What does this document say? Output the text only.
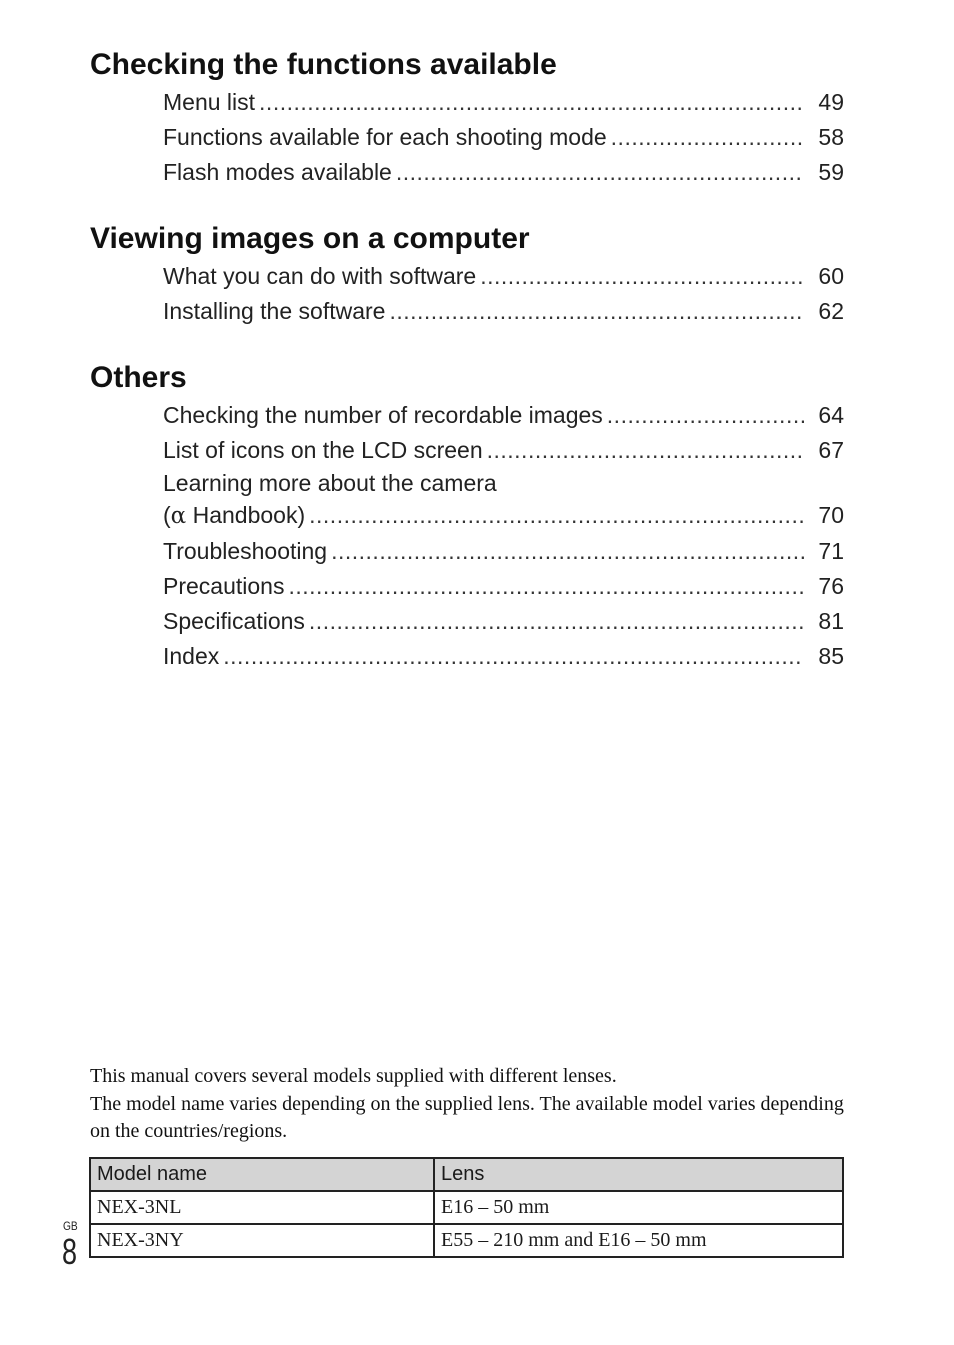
Checking the functions available
Menu list .....	49
Functions available for each shooting mode .....	58
Flash modes available .....	59
Viewing images on a computer
What you can do with software .....	60
Installing the software .....	62
Others
Checking the number of recordable images .....	64
List of icons on the LCD screen .....	67
Learning more about the camera
(α Handbook) .....	70
Troubleshooting .....	71
Precautions .....	76
Specifications .....	81
Index .....	85

This manual covers several models supplied with different lenses.

The model name varies depending on the supplied lens. The available model varies depending on the countries/regions.

Model name	Lens
NEX-3NL	E16 – 50 mm
NEX-3NY	E55 – 210 mm and E16 – 50 mm
GB
8
